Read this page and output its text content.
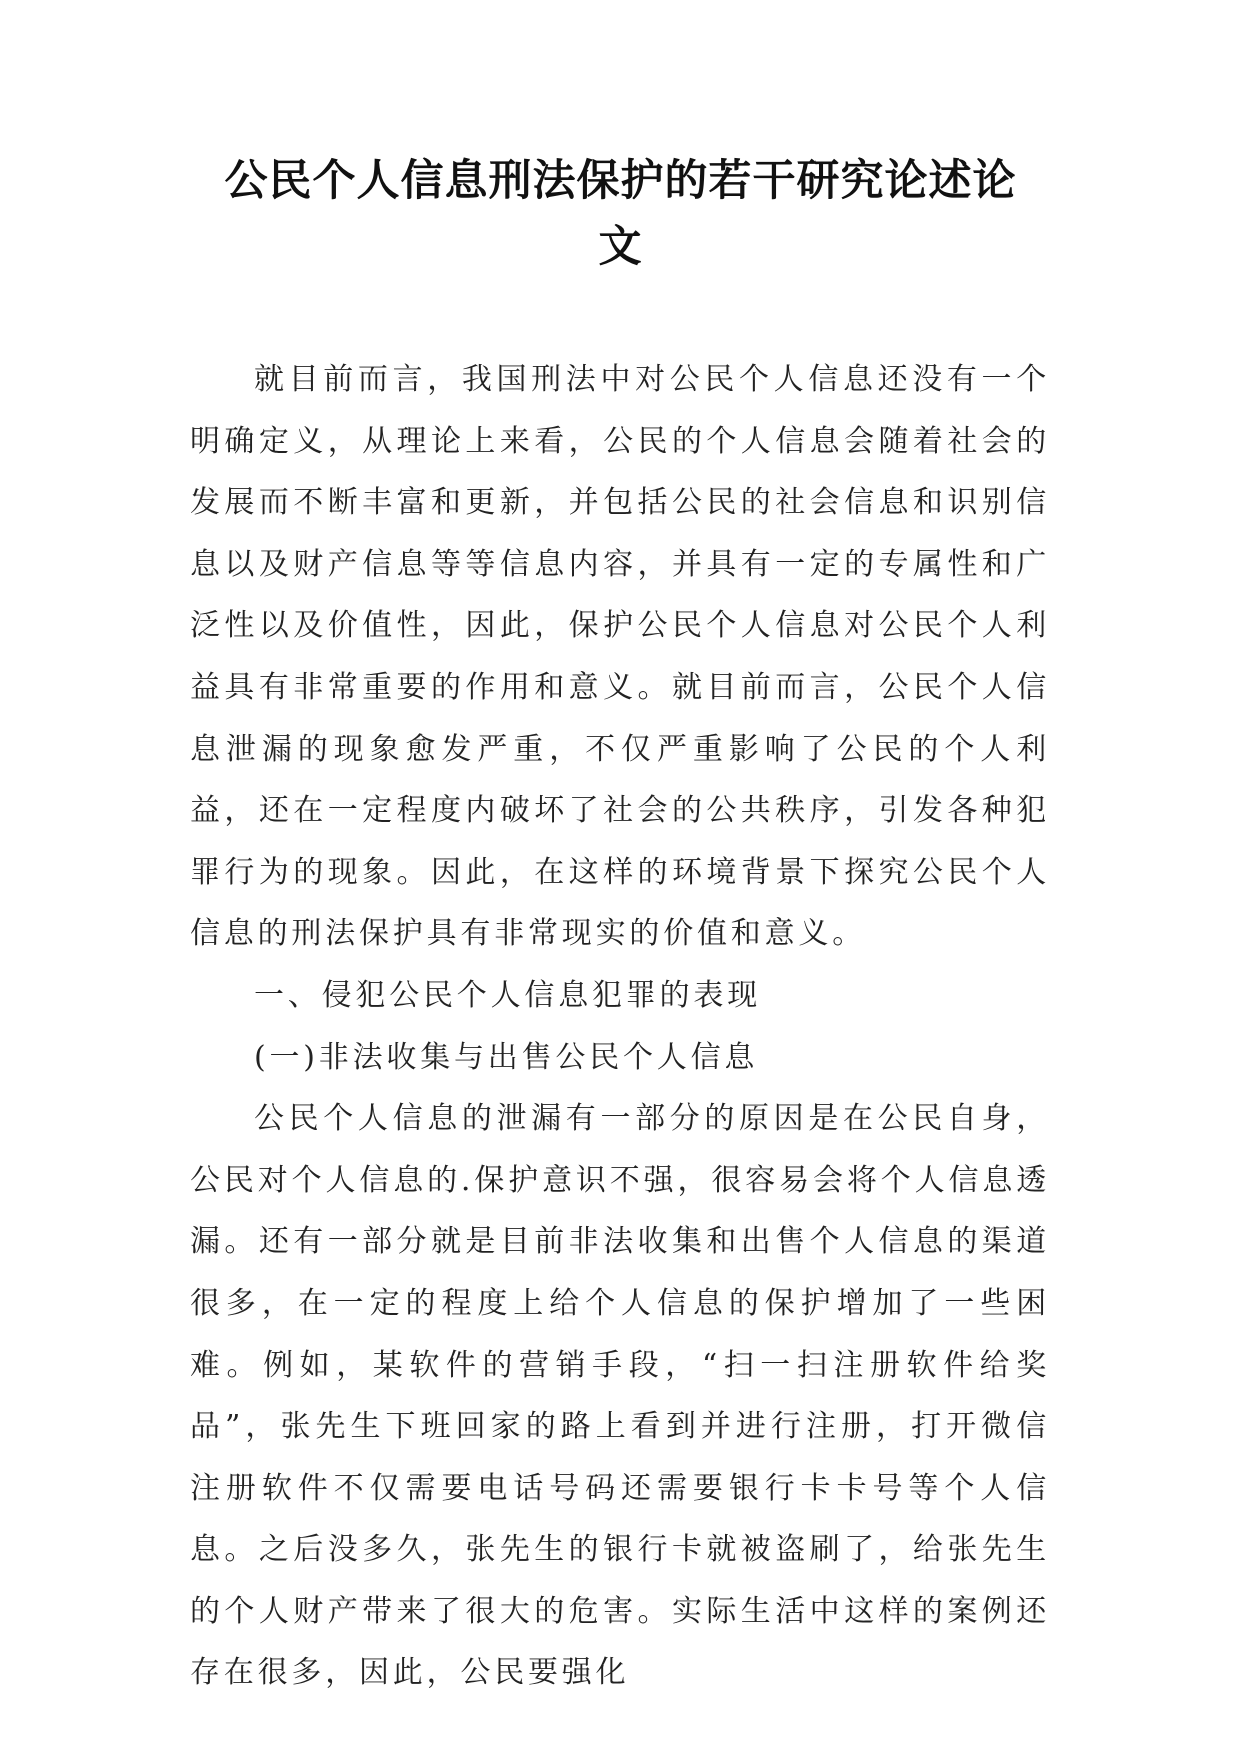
公民个人信息刑法保护的若干研究论述论
文

就目前而言，我国刑法中对公民个人信息还没有一个明确定义，从理论上来看，公民的个人信息会随着社会的发展而不断丰富和更新，并包括公民的社会信息和识别信息以及财产信息等等信息内容，并具有一定的专属性和广泛性以及价值性，因此，保护公民个人信息对公民个人利益具有非常重要的作用和意义。就目前而言，公民个人信息泄漏的现象愈发严重，不仅严重影响了公民的个人利益，还在一定程度内破坏了社会的公共秩序，引发各种犯罪行为的现象。因此，在这样的环境背景下探究公民个人信息的刑法保护具有非常现实的价值和意义。

一、侵犯公民个人信息犯罪的表现

(一)非法收集与出售公民个人信息

公民个人信息的泄漏有一部分的原因是在公民自身，公民对个人信息的.保护意识不强，很容易会将个人信息透漏。还有一部分就是目前非法收集和出售个人信息的渠道很多，在一定的程度上给个人信息的保护增加了一些困难。例如，某软件的营销手段，“扫一扫注册软件给奖品”，张先生下班回家的路上看到并进行注册，打开微信注册软件不仅需要电话号码还需要银行卡卡号等个人信息。之后没多久，张先生的银行卡就被盗刷了，给张先生的个人财产带来了很大的危害。实际生活中这样的案例还存在很多，因此，公民要强化
